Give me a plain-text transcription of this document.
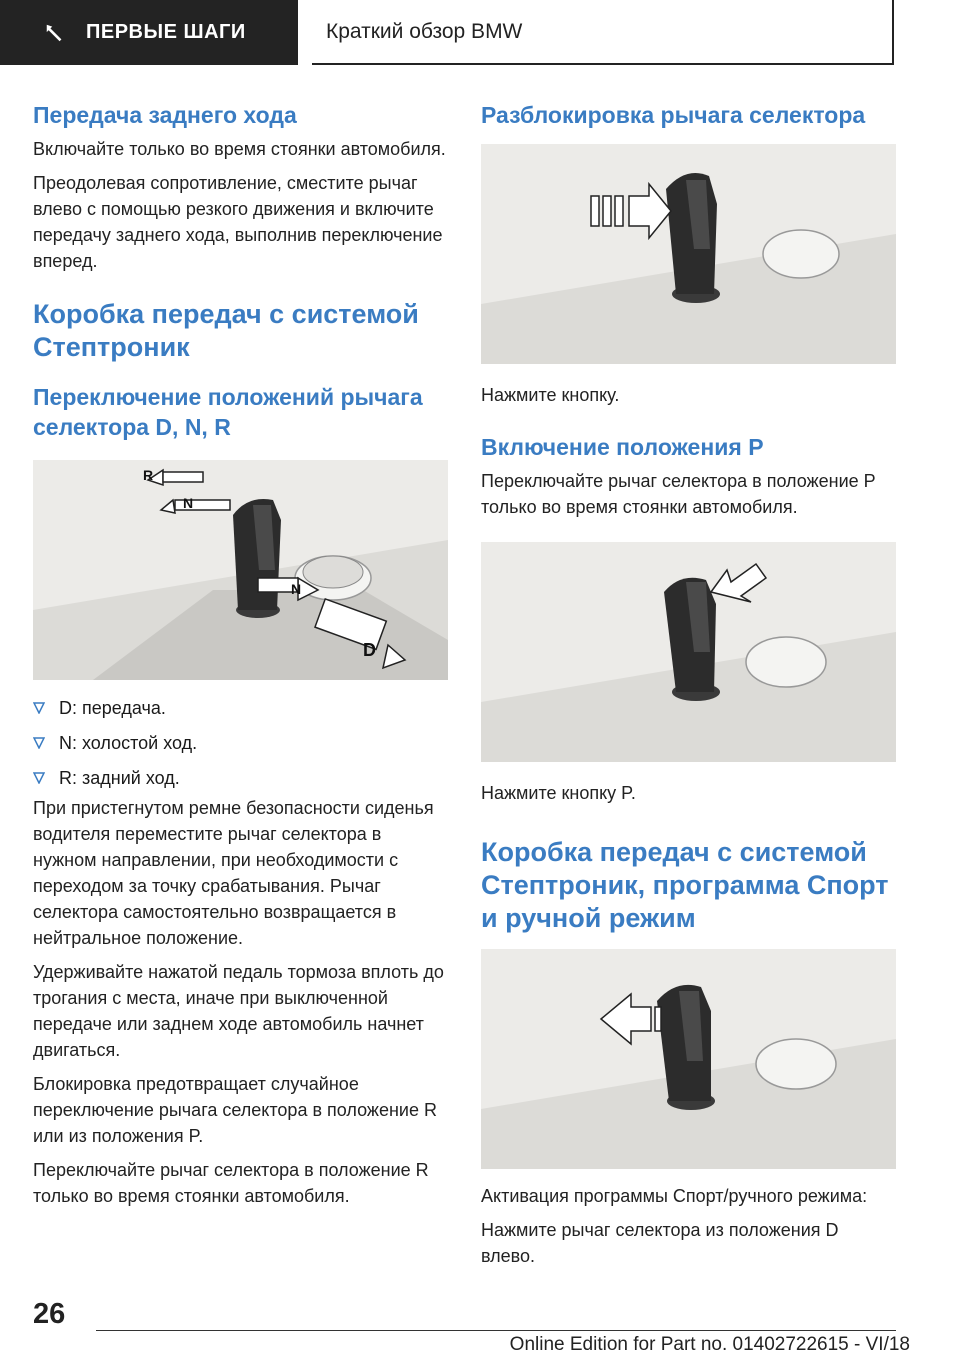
ПЕРВЫЕ ШАГИ	Краткий обзор BMW
Передача заднего хода

Включайте только во время стоянки автомобиля.

Преодолевая сопротивление, сместите рычаг влево с помощью резкого движения и включите передачу заднего хода, выполнив переключение вперед.

Коробка передач с системой Стептроник
Переключение положений рычага селектора D, N, R
R
N
N
D
D: передача.
N: холостой ход.
R: задний ход.

При пристегнутом ремне безопасности сиденья водителя переместите рычаг селектора в нужном направлении, при необходимости с переходом за точку срабатывания. Рычаг селектора самостоятельно возвращается в нейтральное положение.

Удерживайте нажатой педаль тормоза вплоть до трогания с места, иначе при выключенной передаче или заднем ходе автомобиль начнет двигаться.

Блокировка предотвращает случайное переключение рычага селектора в положение R или из положения P.

Переключайте рычаг селектора в положение R только во время стоянки автомобиля.

Разблокировка рычага селектора

Нажмите кнопку.

Включение положения P

Переключайте рычаг селектора в положение P только во время стоянки автомобиля.

Нажмите кнопку P.

Коробка передач с системой Стептроник, программа Спорт и ручной режим

Активация программы Спорт/ручного режима:

Нажмите рычаг селектора из положения D влево.

26
Online Edition for Part no. 01402722615 - VI/18
